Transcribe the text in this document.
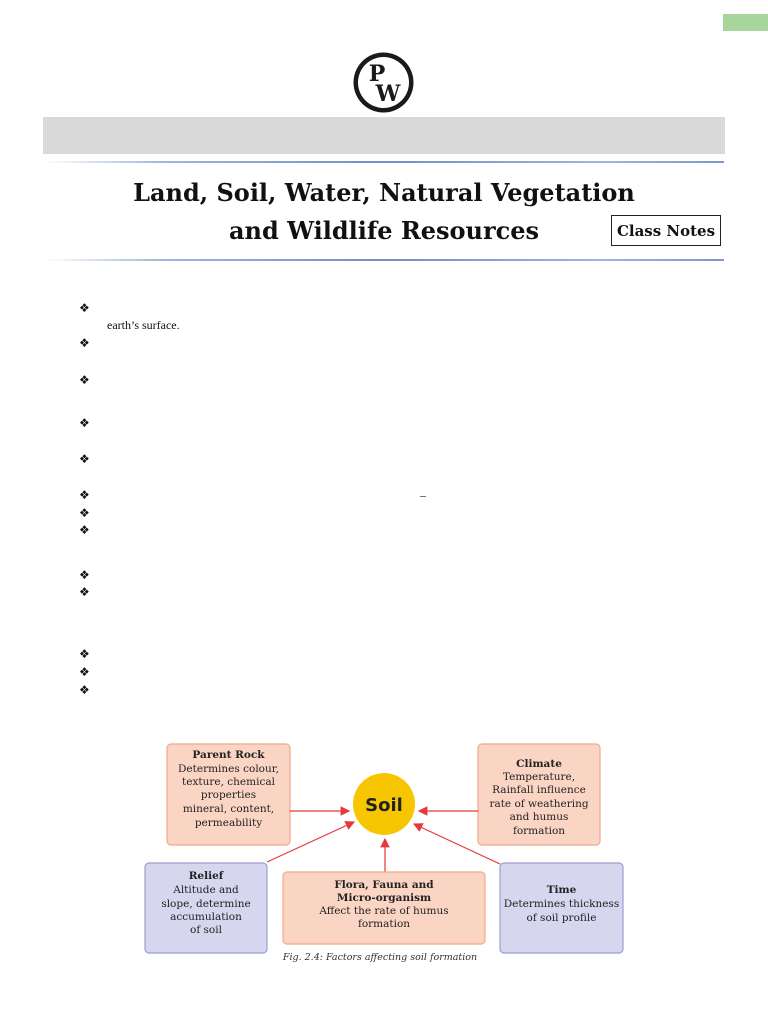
P
W
Land, Soil, Water, Natural Vegetation
and Wildlife Resources	Class Notes
❖
earth’s surface.
❖
❖
❖
❖
❖	–
❖
❖
❖
❖
❖
❖
❖
Parent Rock
Determines colour,
texture, chemical
properties
mineral, content,
permeability
Climate
Temperature,
Rainfall influence
rate of weathering
and humus
formation
Soil
Relief
Altitude and
slope, determine
accumulation
of soil
Flora, Fauna and
Micro-organism
Affect the rate of humus
formation
Time
Determines thickness
of soil profile
Fig. 2.4: Factors affecting soil formation
